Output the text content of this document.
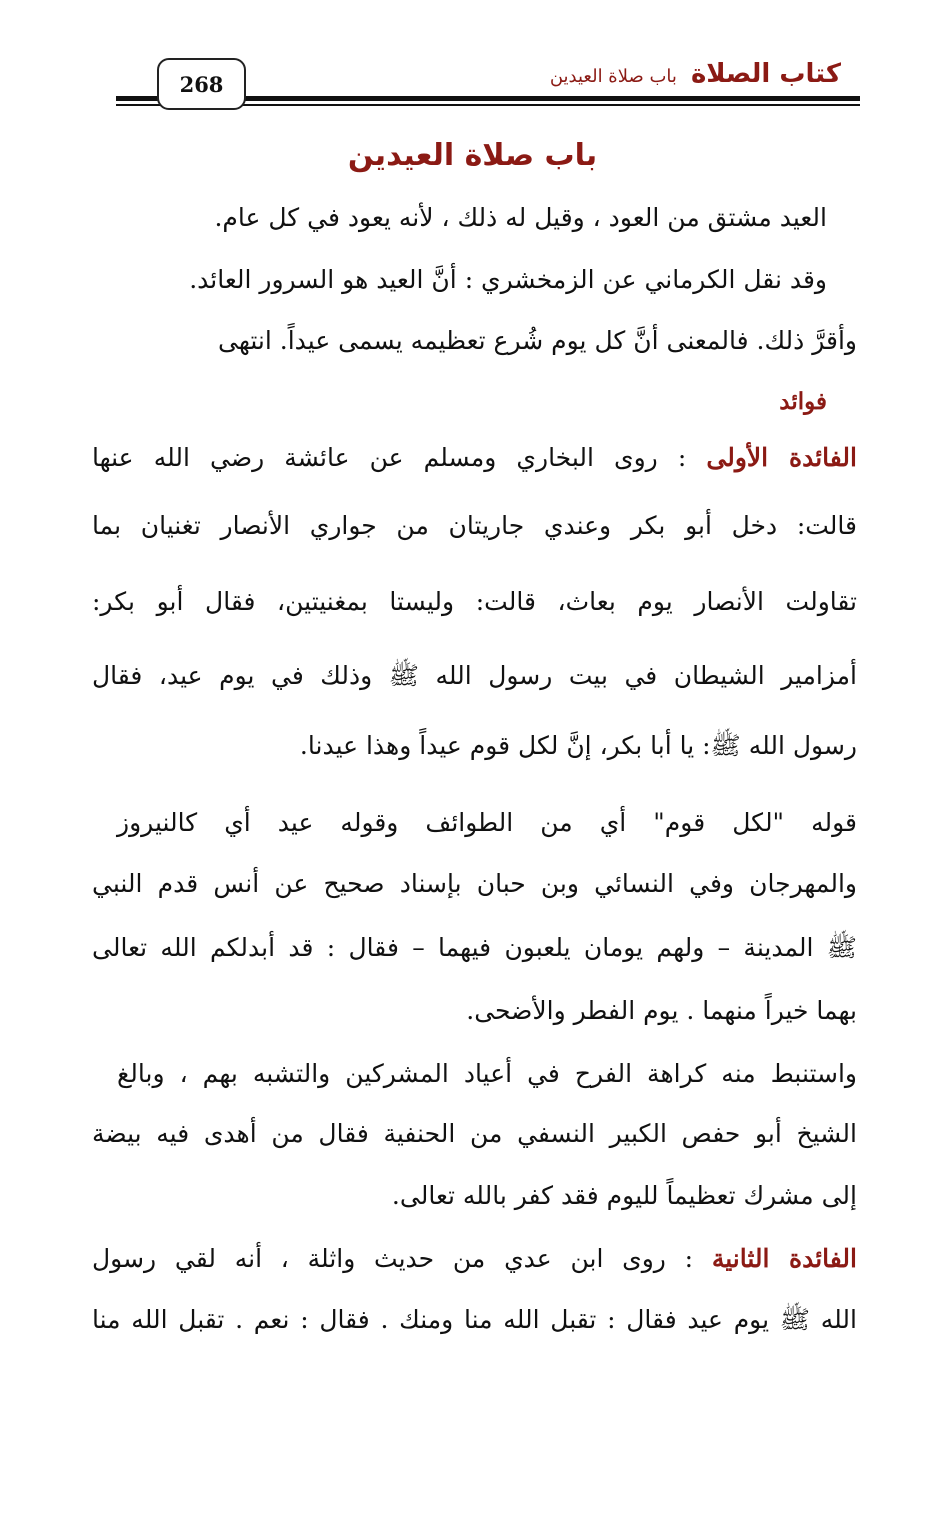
268	كتاب الصلاة
باب صلاة العيدين
باب صلاة العيدين
العيد مشتق من العود ، وقيل له ذلك ، لأنه يعود في كل عام.
وقد نقل الكرماني عن الزمخشري : أنَّ العيد هو السرور العائد.
وأقرَّ ذلك. فالمعنى أنَّ كل يوم شُرع تعظيمه يسمى عيداً. انتهى
فوائد
الفائدة الأولى : روى البخاري ومسلم عن عائشة رضي الله عنها
قالت: دخل أبو بكر وعندي جاريتان من جواري الأنصار تغنيان بما
تقاولت الأنصار يوم بعاث، قالت: وليستا بمغنيتين، فقال أبو بكر:
أمزامير الشيطان في بيت رسول الله ﷺ وذلك في يوم عيد، فقال
رسول الله ﷺ: يا أبا بكر، إنَّ لكل قوم عيداً وهذا عيدنا.
قوله "لكل قوم" أي من الطوائف وقوله عيد أي كالنيروز
والمهرجان وفي النسائي وبن حبان بإسناد صحيح عن أنس قدم النبي
ﷺ المدينة – ولهم يومان يلعبون فيهما – فقال : قد أبدلكم الله تعالى
بهما خيراً منهما . يوم الفطر والأضحى.
واستنبط منه كراهة الفرح في أعياد المشركين والتشبه بهم ، وبالغ
الشيخ أبو حفص الكبير النسفي من الحنفية فقال من أهدى فيه بيضة
إلى مشرك تعظيماً لليوم فقد كفر بالله تعالى.
الفائدة الثانية : روى ابن عدي من حديث واثلة ، أنه لقي رسول
الله ﷺ يوم عيد فقال : تقبل الله منا ومنك . فقال : نعم . تقبل الله منا
